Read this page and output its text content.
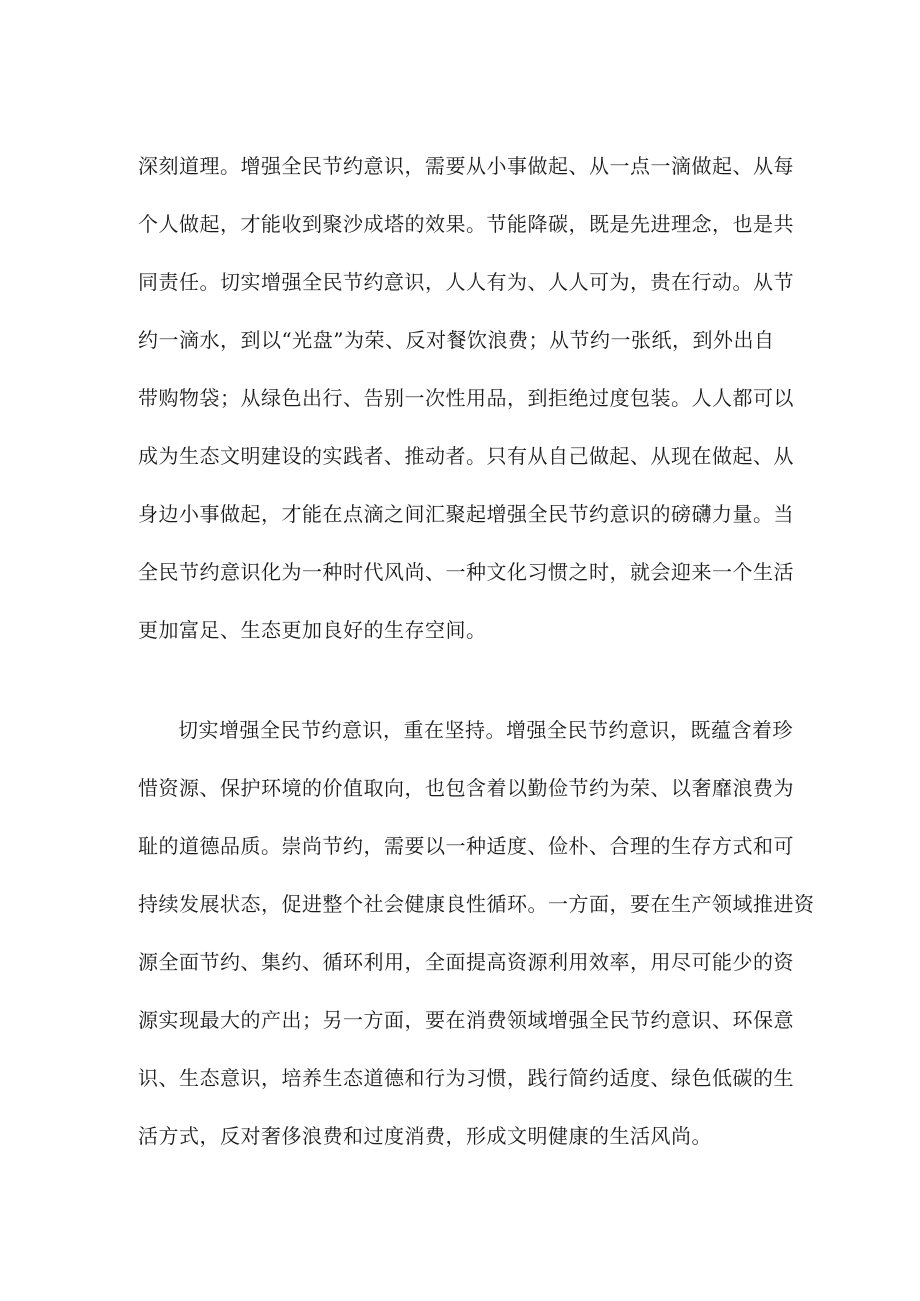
深刻道理。增强全民节约意识，需要从小事做起、从一点一滴做起、从每
个人做起，才能收到聚沙成塔的效果。节能降碳，既是先进理念，也是共
同责任。切实增强全民节约意识，人人有为、人人可为，贵在行动。从节
约一滴水，到以“光盘”为荣、反对餐饮浪费；从节约一张纸，到外出自
带购物袋；从绿色出行、告别一次性用品，到拒绝过度包装。人人都可以
成为生态文明建设的实践者、推动者。只有从自己做起、从现在做起、从
身边小事做起，才能在点滴之间汇聚起增强全民节约意识的磅礴力量。当
全民节约意识化为一种时代风尚、一种文化习惯之时，就会迎来一个生活
更加富足、生态更加良好的生存空间。
切实增强全民节约意识，重在坚持。增强全民节约意识，既蕴含着珍
惜资源、保护环境的价值取向，也包含着以勤俭节约为荣、以奢靡浪费为
耻的道德品质。崇尚节约，需要以一种适度、俭朴、合理的生存方式和可
持续发展状态，促进整个社会健康良性循环。一方面，要在生产领域推进资
源全面节约、集约、循环利用，全面提高资源利用效率，用尽可能少的资
源实现最大的产出；另一方面，要在消费领域增强全民节约意识、环保意
识、生态意识，培养生态道德和行为习惯，践行简约适度、绿色低碳的生
活方式，反对奢侈浪费和过度消费，形成文明健康的生活风尚。
